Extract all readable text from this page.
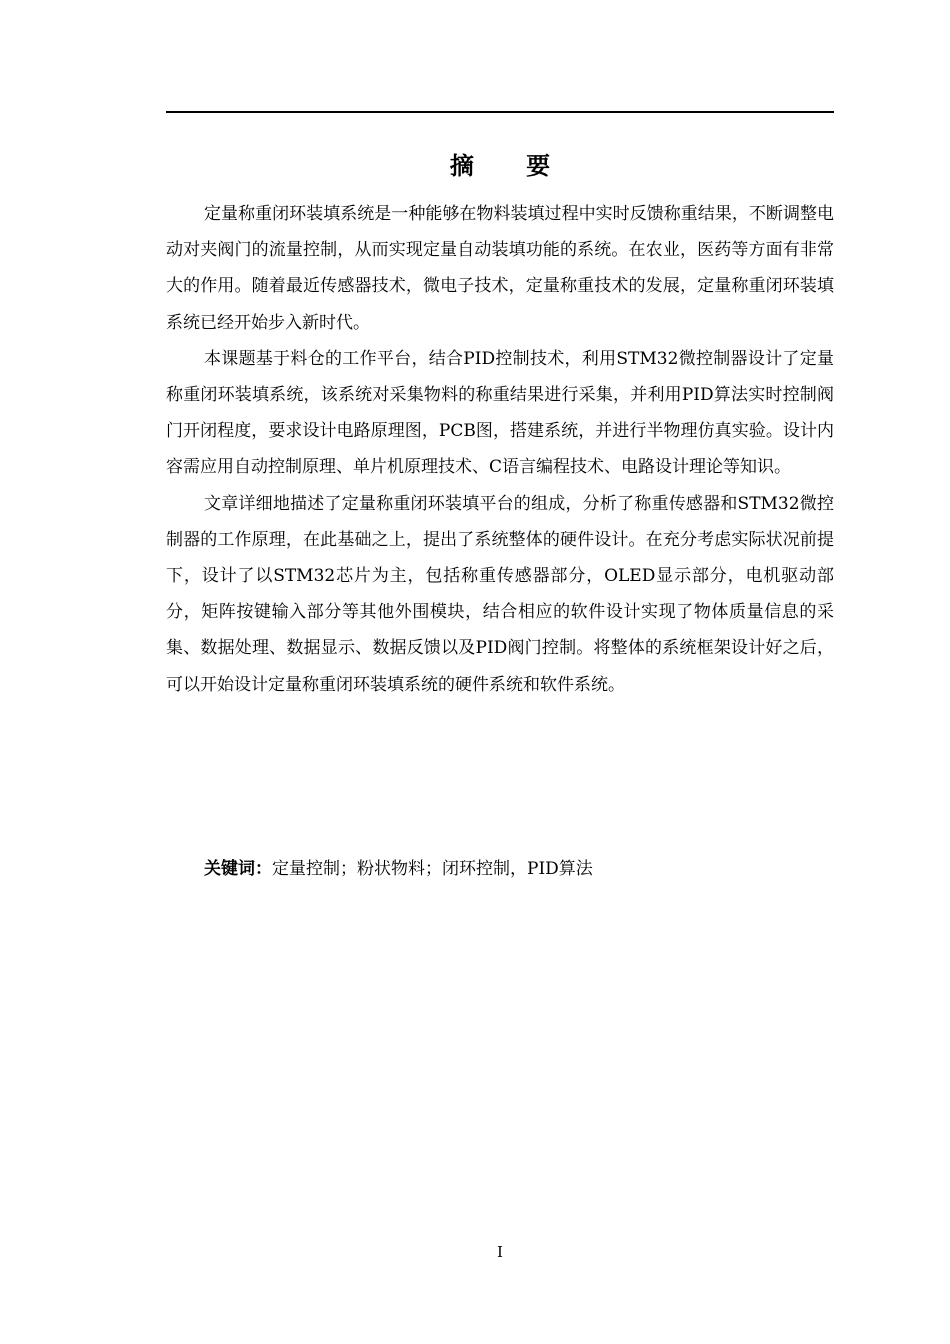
摘 要

定量称重闭环装填系统是一种能够在物料装填过程中实时反馈称重结果，不断调整电动对夹阀门的流量控制，从而实现定量自动装填功能的系统。在农业，医药等方面有非常大的作用。随着最近传感器技术，微电子技术，定量称重技术的发展，定量称重闭环装填系统已经开始步入新时代。

本课题基于料仓的工作平台，结合PID控制技术，利用STM32微控制器设计了定量称重闭环装填系统，该系统对采集物料的称重结果进行采集，并利用PID算法实时控制阀门开闭程度，要求设计电路原理图，PCB图，搭建系统，并进行半物理仿真实验。设计内容需应用自动控制原理、单片机原理技术、C语言编程技术、电路设计理论等知识。

文章详细地描述了定量称重闭环装填平台的组成，分析了称重传感器和STM32微控制器的工作原理，在此基础之上，提出了系统整体的硬件设计。在充分考虑实际状况前提下，设计了以STM32芯片为主，包括称重传感器部分，OLED显示部分，电机驱动部分，矩阵按键输入部分等其他外围模块，结合相应的软件设计实现了物体质量信息的采集、数据处理、数据显示、数据反馈以及PID阀门控制。将整体的系统框架设计好之后，可以开始设计定量称重闭环装填系统的硬件系统和软件系统。

关键词：定量控制；粉状物料；闭环控制，PID算法
I
